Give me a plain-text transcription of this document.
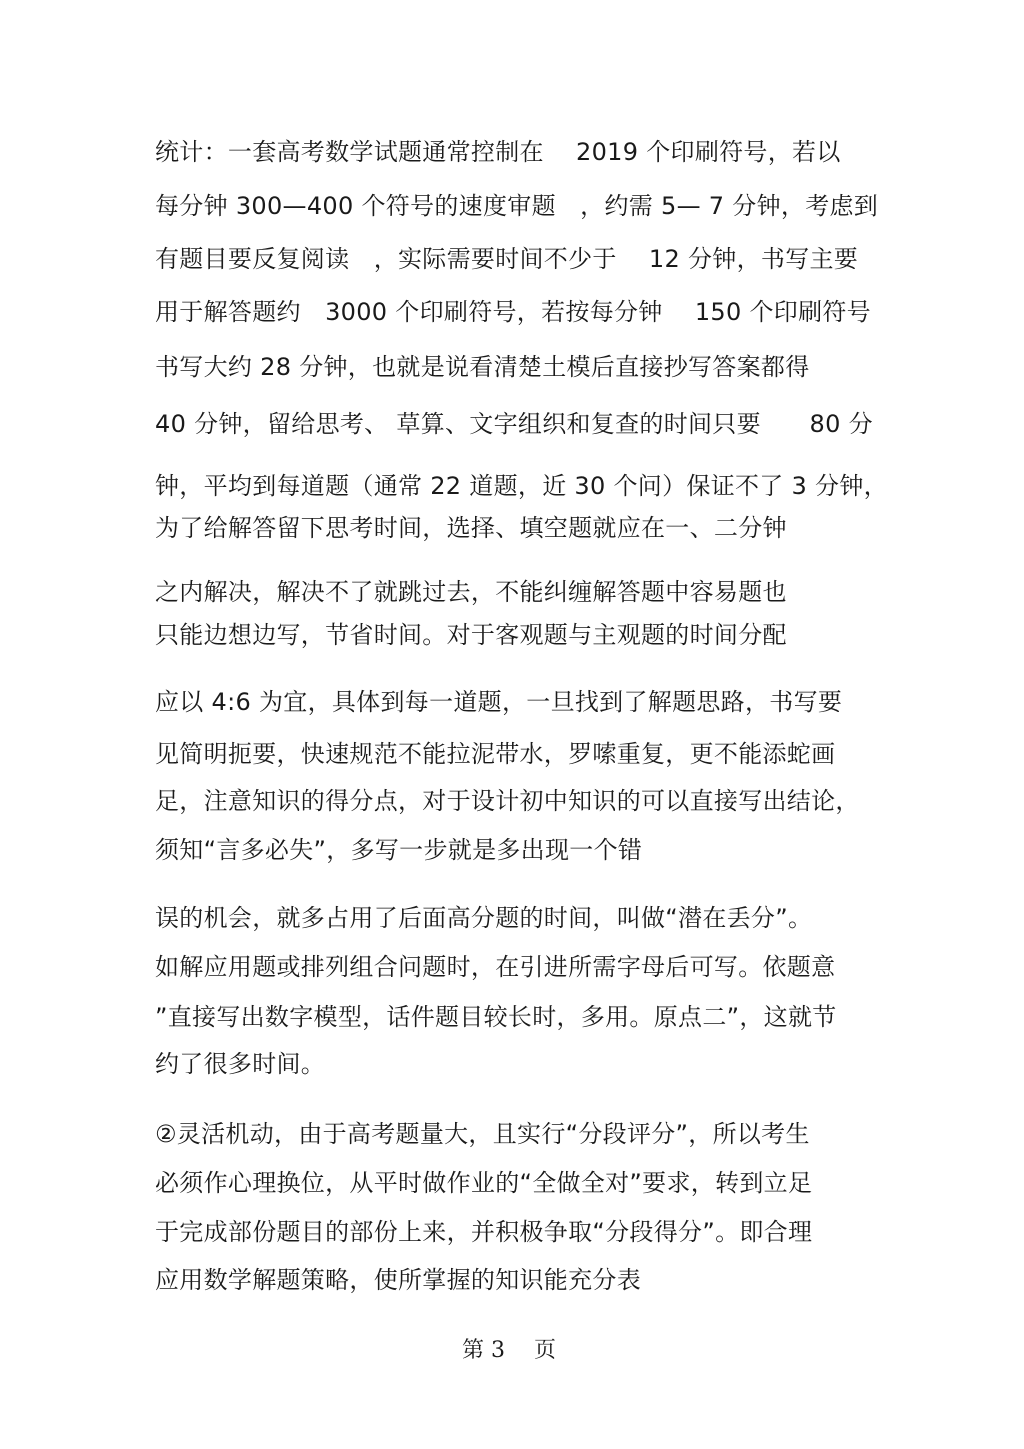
统计：一套高考数学试题通常控制在　 2019 个印刷符号，若以
每分钟 300—400 个符号的速度审题　，约需 5— 7 分钟，考虑到
有题目要反复阅读　，实际需要时间不少于　 12 分钟，书写主要
用于解答题约　3000 个印刷符号，若按每分钟　 150 个印刷符号
书写大约 28 分钟，也就是说看清楚土模后直接抄写答案都得
40 分钟，留给思考、 草算、文字组织和复查的时间只要　　80 分
钟，平均到每道题（通常 22 道题，近 30 个问）保证不了 3 分钟，
为了给解答留下思考时间，选择、填空题就应在一、二分钟
之内解决，解决不了就跳过去，不能纠缠解答题中容易题也
只能边想边写，节省时间。对于客观题与主观题的时间分配
应以 4:6 为宜，具体到每一道题，一旦找到了解题思路，书写要
见简明扼要，快速规范不能拉泥带水，罗嗦重复，更不能添蛇画
足，注意知识的得分点，对于设计初中知识的可以直接写出结论，
须知“言多必失”，多写一步就是多出现一个错
误的机会，就多占用了后面高分题的时间，叫做“潜在丢分”。
如解应用题或排列组合问题时，在引进所需字母后可写。依题意
”直接写出数字模型，话件题目较长时，多用。原点二”，这就节
约了很多时间。
②灵活机动，由于高考题量大，且实行“分段评分”，所以考生
必须作心理换位，从平时做作业的“全做全对”要求，转到立足
于完成部份题目的部份上来，并积极争取“分段得分”。即合理
应用数学解题策略，使所掌握的知识能充分表
第 3　 页
